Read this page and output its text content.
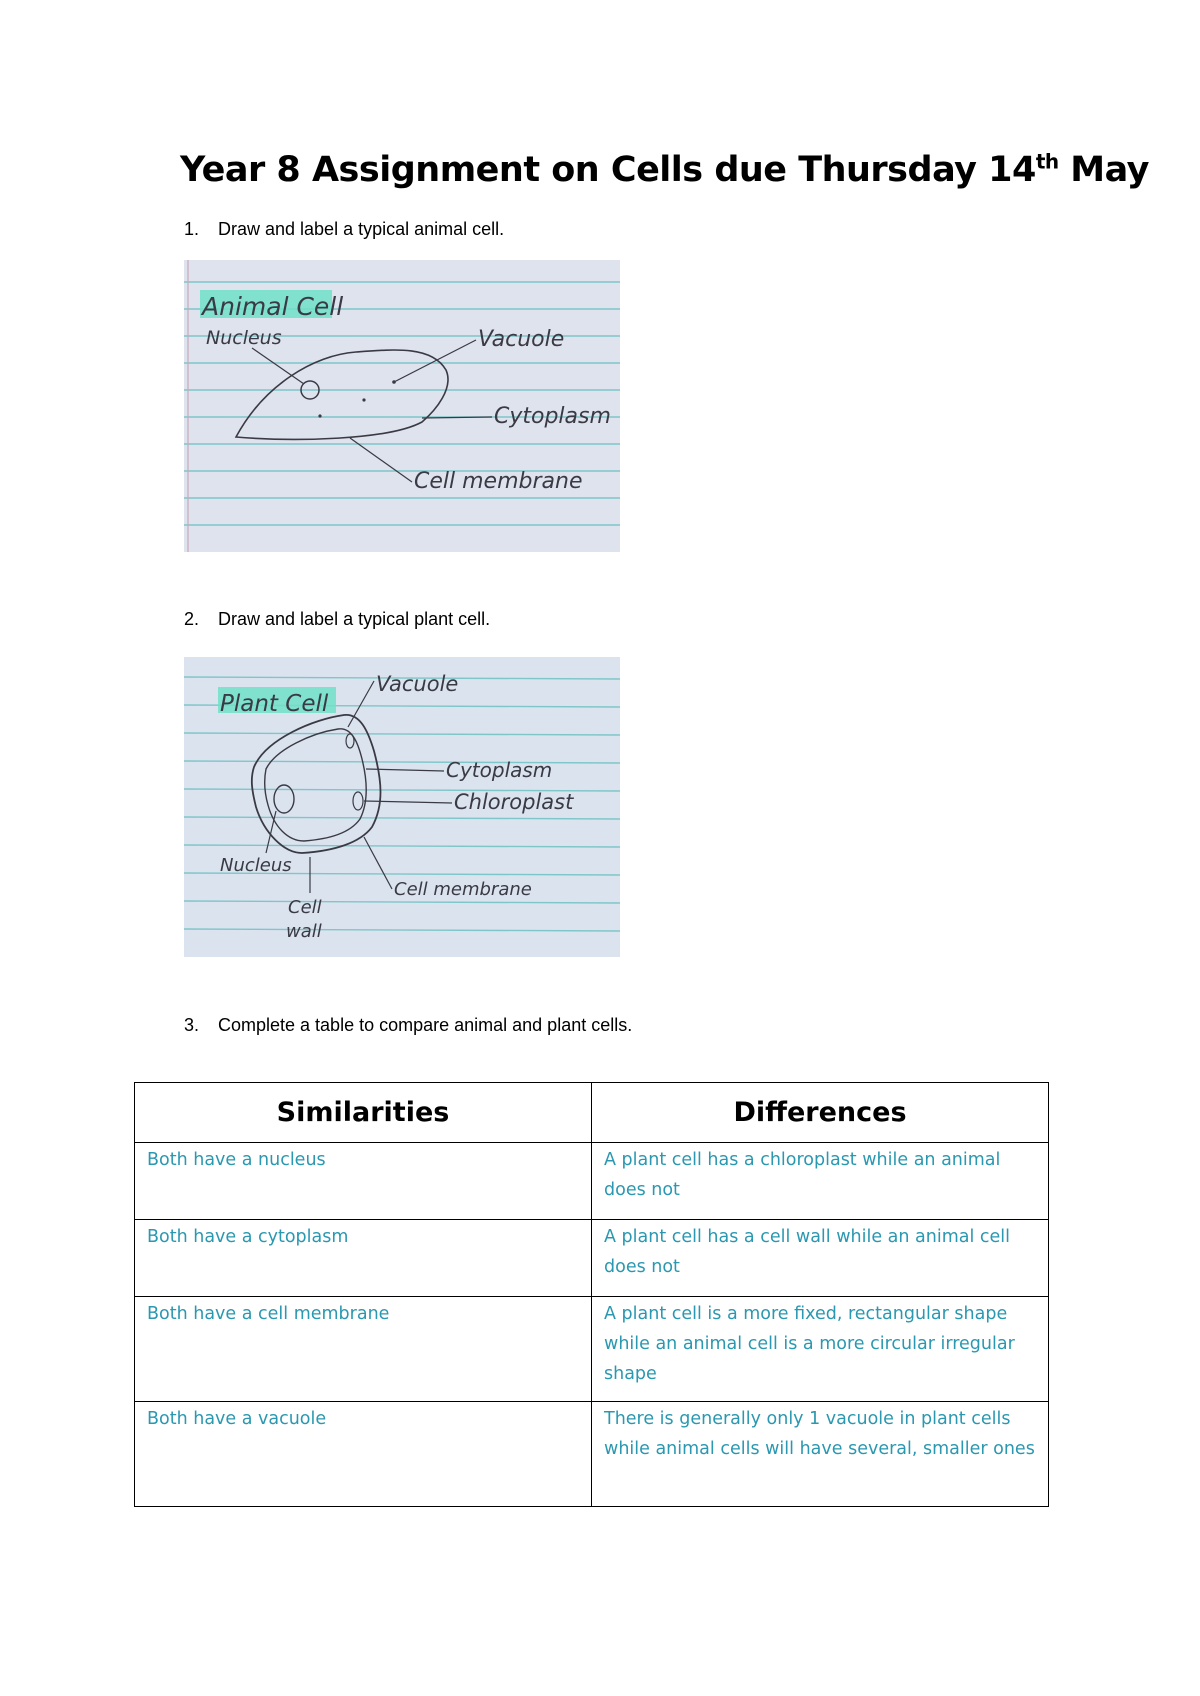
Year 8 Assignment on Cells due Thursday 14th May
1. Draw and label a typical animal cell.
Animal Cell
Nucleus	Vacuole
Cytoplasm
Cell membrane
2. Draw and label a typical plant cell.
Plant Cell
Vacuole
Cytoplasm
Chloroplast
Nucleus
Cell membrane
Cell
wall
3. Complete a table to compare animal and plant cells.
Similarities	Differences
Both have a nucleus	A plant cell has a chloroplast while an animal does not
Both have a cytoplasm	A plant cell has a cell wall while an animal cell does not
Both have a cell membrane	A plant cell is a more fixed, rectangular shape while an animal cell is a more circular irregular shape
Both have a vacuole	There is generally only 1 vacuole in plant cells while animal cells will have several, smaller ones
